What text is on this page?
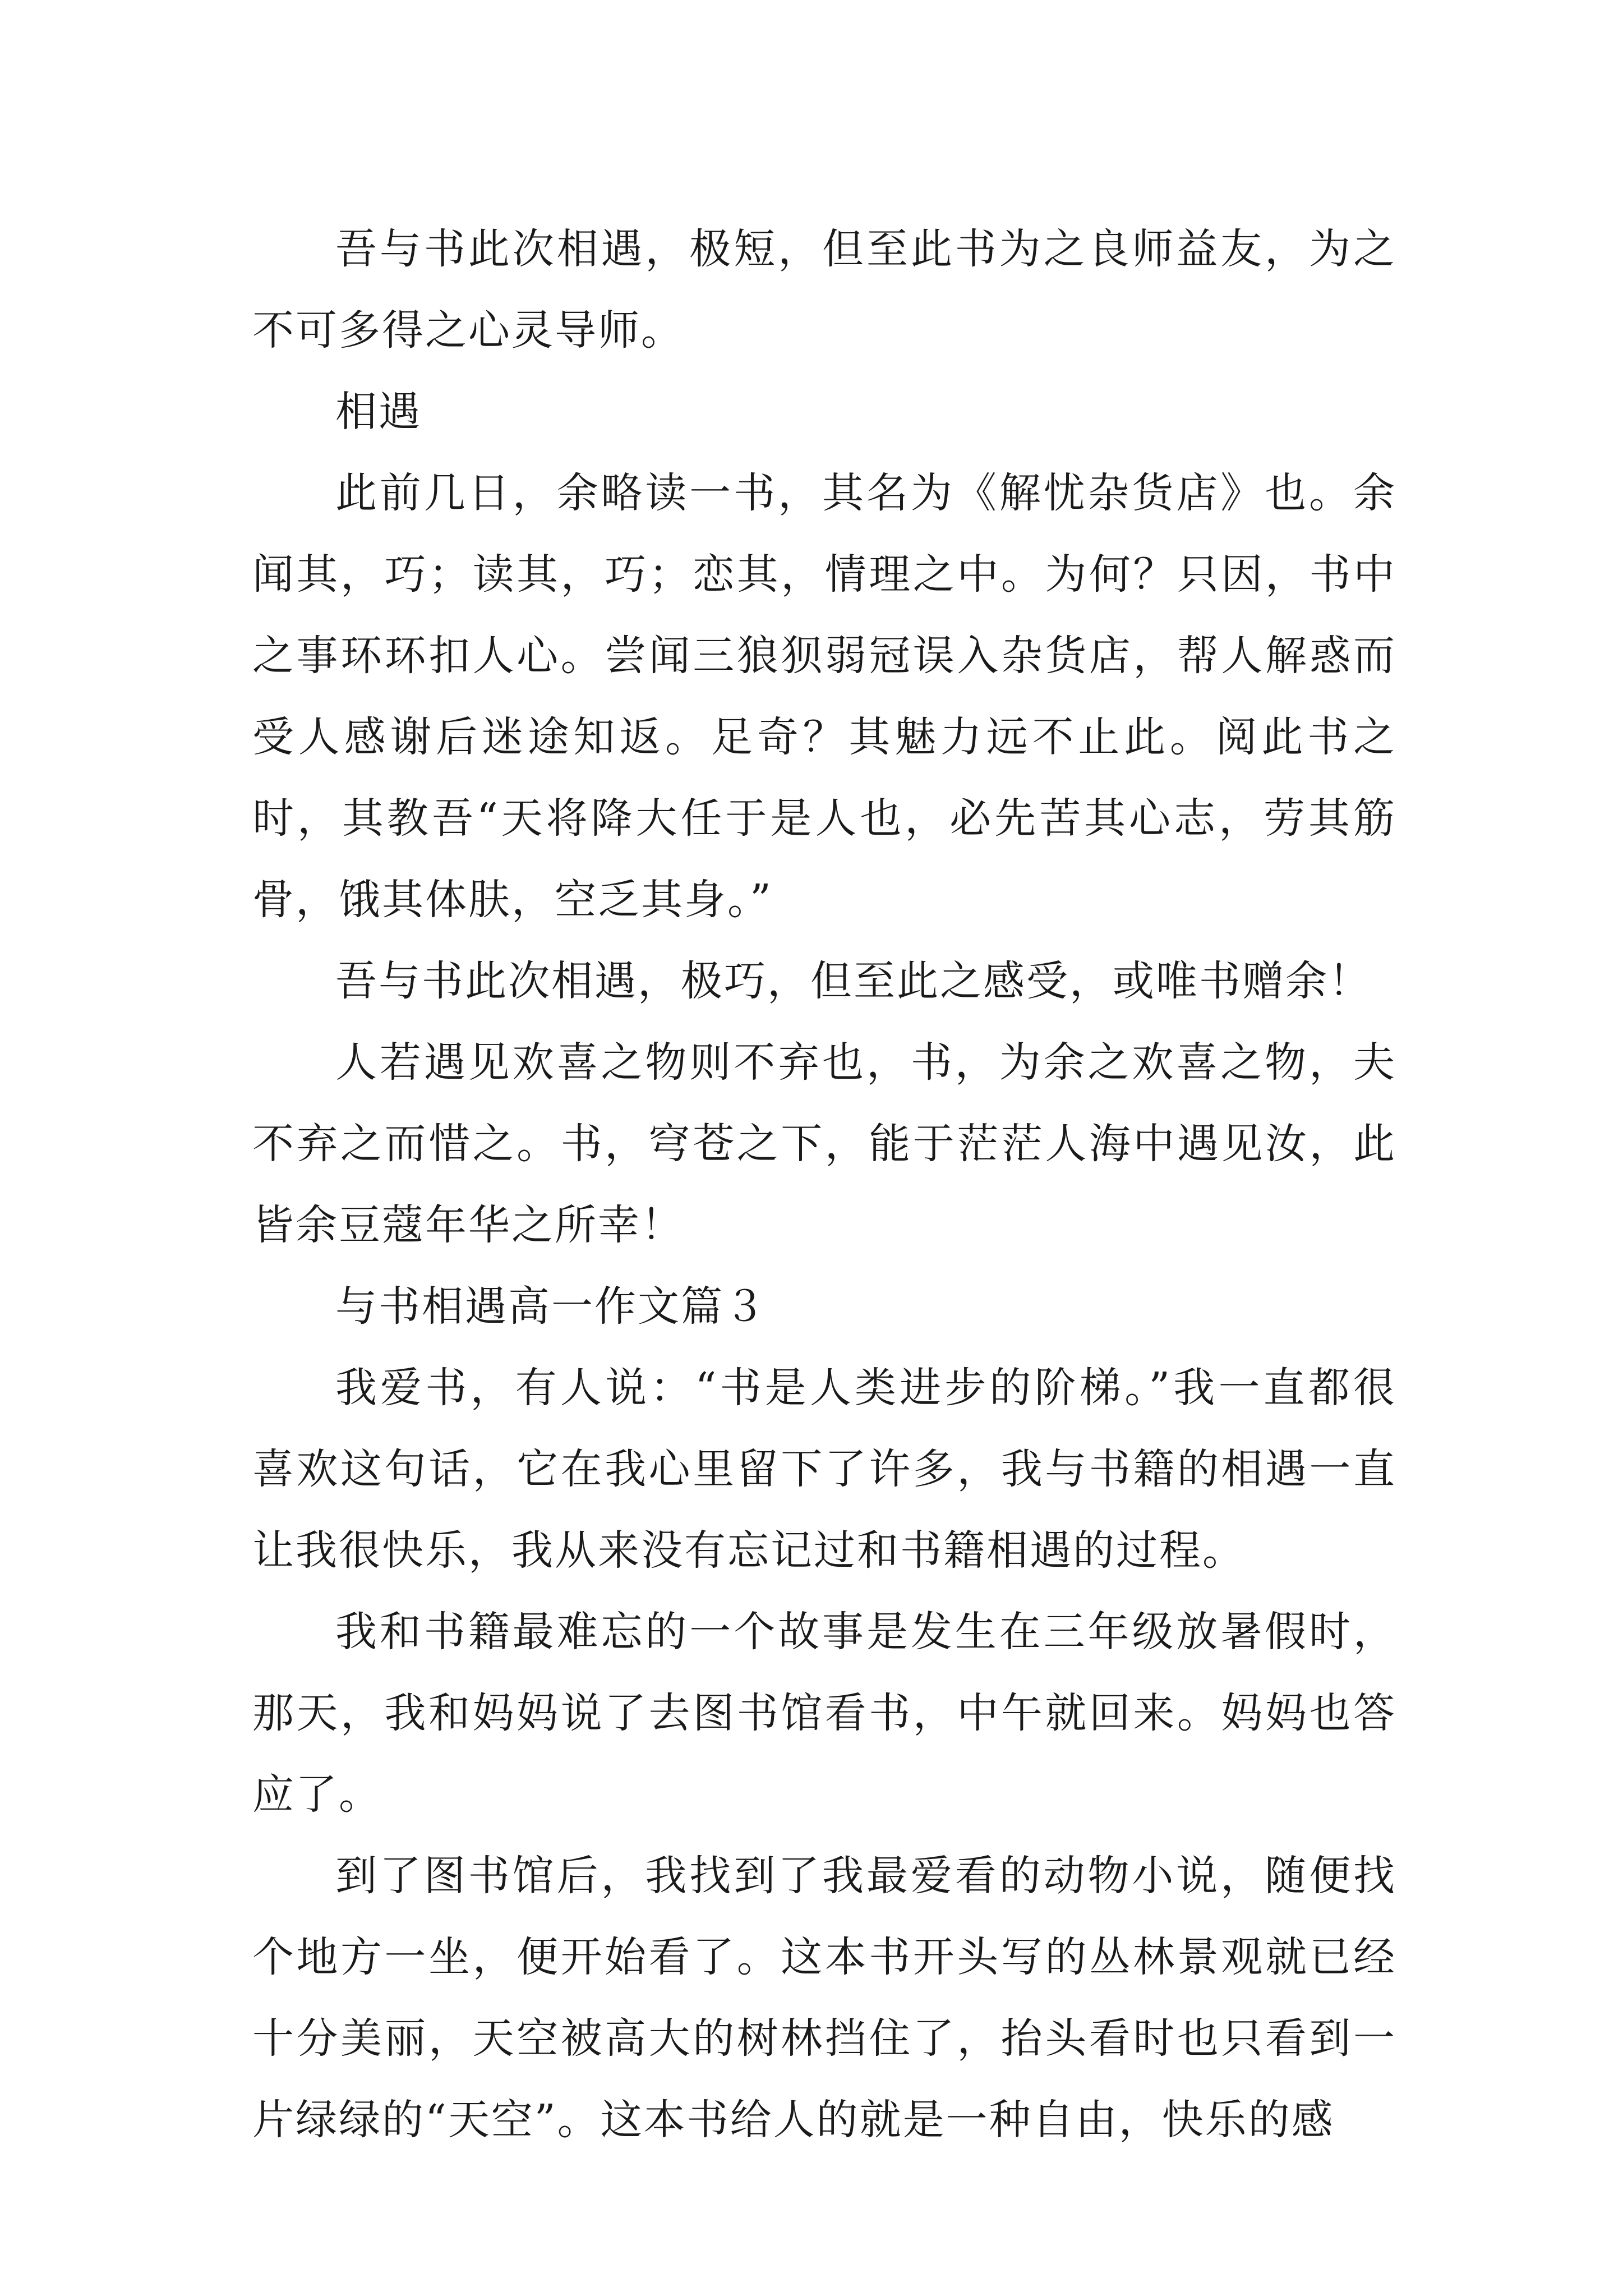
吾与书此次相遇，极短，但至此书为之良师益友，为之不可多得之心灵导师。

相遇

此前几日，余略读一书，其名为《解忧杂货店》也。余闻其，巧；读其，巧；恋其，情理之中。为何？只因，书中之事环环扣人心。尝闻三狼狈弱冠误入杂货店，帮人解惑而受人感谢后迷途知返。足奇？其魅力远不止此。阅此书之时，其教吾“天将降大任于是人也，必先苦其心志，劳其筋骨，饿其体肤，空乏其身。”

吾与书此次相遇，极巧，但至此之感受，或唯书赠余！

人若遇见欢喜之物则不弃也，书，为余之欢喜之物，夫不弃之而惜之。书，穹苍之下，能于茫茫人海中遇见汝，此皆余豆蔻年华之所幸！

与书相遇高一作文篇３

我爱书，有人说：“书是人类进步的阶梯。”我一直都很喜欢这句话，它在我心里留下了许多，我与书籍的相遇一直让我很快乐，我从来没有忘记过和书籍相遇的过程。

我和书籍最难忘的一个故事是发生在三年级放暑假时，那天，我和妈妈说了去图书馆看书，中午就回来。妈妈也答应了。

到了图书馆后，我找到了我最爱看的动物小说，随便找个地方一坐，便开始看了。这本书开头写的丛林景观就已经十分美丽，天空被高大的树林挡住了，抬头看时也只看到一片绿绿的“天空”。这本书给人的就是一种自由，快乐的感
